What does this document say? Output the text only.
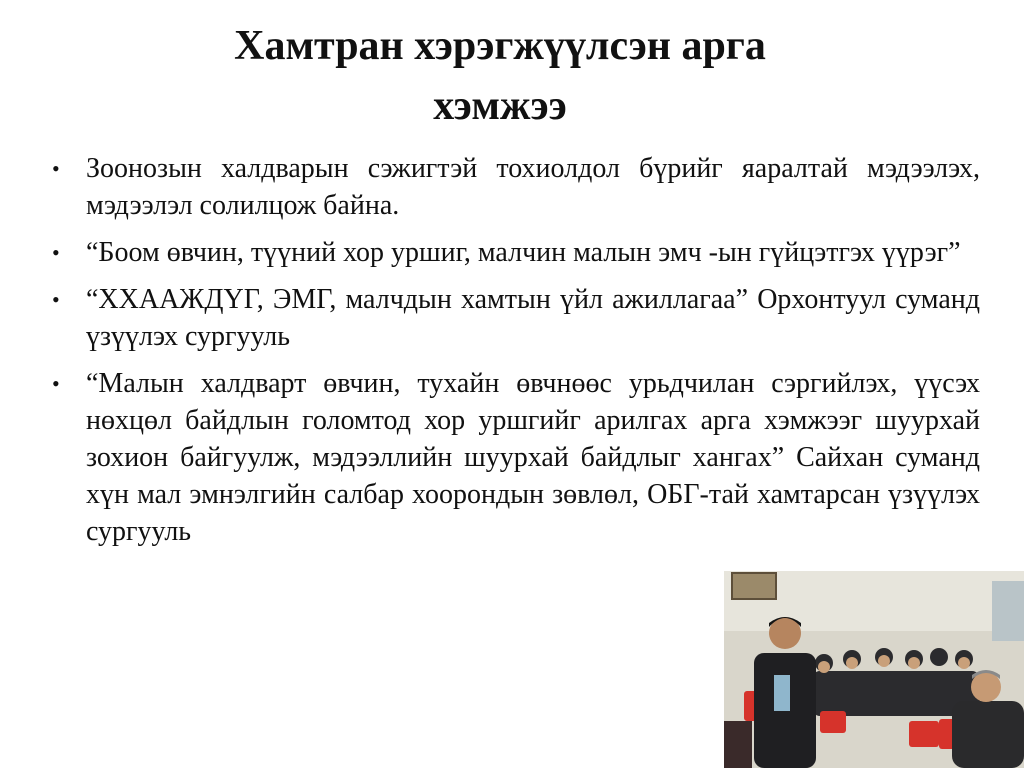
Хамтран хэрэгжүүлсэн арга
хэмжээ
• Зоонозын халдварын сэжигтэй тохиолдол бүрийг яаралтай мэдээлэх, мэдээлэл солилцож байна.
• “Боом өвчин, түүний хор уршиг, малчин малын эмч -ын гүйцэтгэх үүрэг”
• “ХХААЖДҮГ, ЭМГ, малчдын хамтын үйл ажиллагаа” Орхонтуул суманд үзүүлэх сургууль
• “Малын халдварт өвчин, тухайн өвчнөөс урьдчилан сэргийлэх, үүсэх нөхцөл байдлын голомтод хор уршгийг арилгах арга хэмжээг шуурхай зохион байгуулж, мэдээллийн шуурхай байдлыг хангах” Сайхан суманд хүн мал эмнэлгийн салбар хоорондын зөвлөл, ОБГ-тай хамтарсан үзүүлэх сургууль
